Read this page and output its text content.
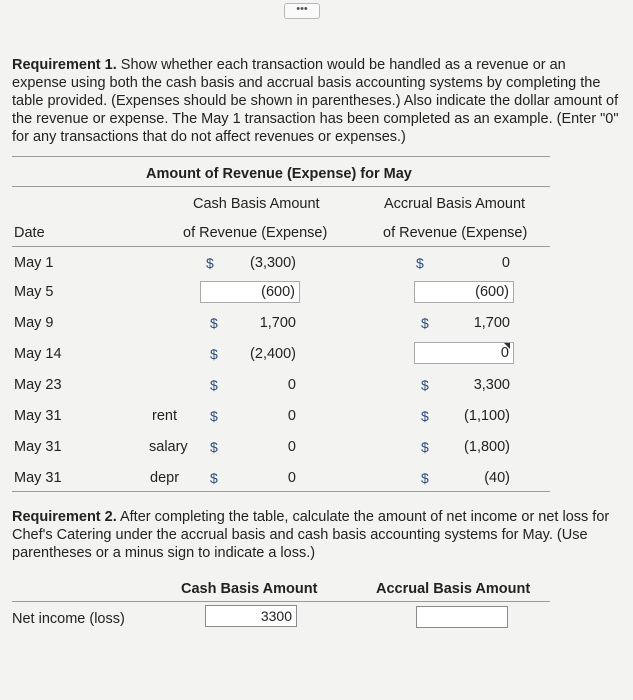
•••
Requirement 1. Show whether each transaction would be handled as a revenue or an expense using both the cash basis and accrual basis accounting systems by completing the table provided. (Expenses should be shown in parentheses.) Also indicate the dollar amount of the revenue or expense. The May 1 transaction has been completed as an example. (Enter "0" for any transactions that do not affect revenues or expenses.)
Amount of Revenue (Expense) for May
Cash Basis Amount	Accrual Basis Amount
Date	of Revenue (Expense)	of Revenue (Expense)
May 1	$	(3,300)	$	0
May 5	(600)	(600)
May 9	$	1,700	$	1,700
May 14	$	(2,400)	0
May 23	$	0	$	3,300
May 31	rent $	0	$	(1,100)
May 31	salary $	0	$	(1,800)
May 31	depr $	0	$	(40)
Requirement 2. After completing the table, calculate the amount of net income or net loss for Chef's Catering under the accrual basis and cash basis accounting systems for May. (Use parentheses or a minus sign to indicate a loss.)
Cash Basis Amount	Accrual Basis Amount
Net income (loss)	3300
